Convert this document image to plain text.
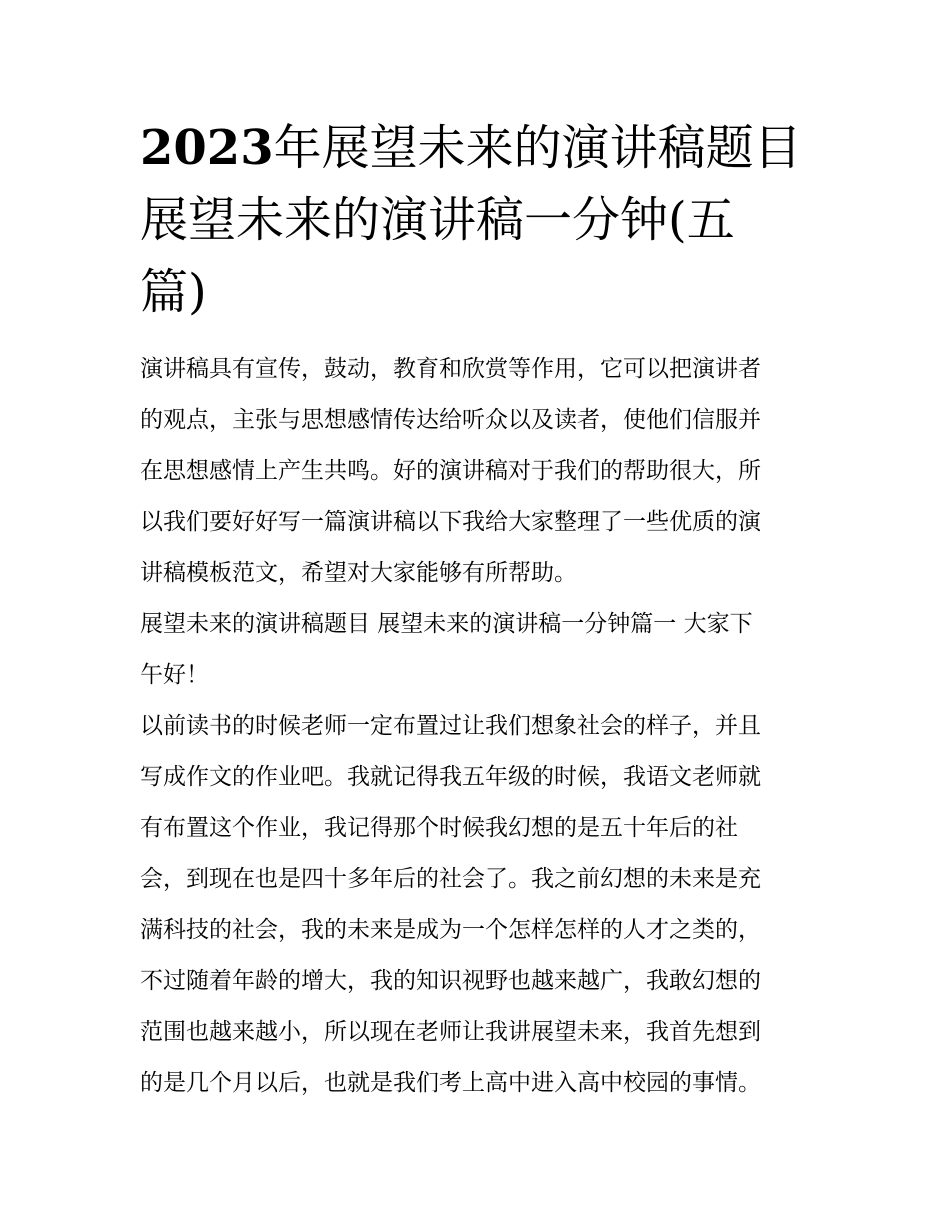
2023年展望未来的演讲稿题目
展望未来的演讲稿一分钟(五
篇)

演讲稿具有宣传，鼓动，教育和欣赏等作用，它可以把演讲者
的观点，主张与思想感情传达给听众以及读者，使他们信服并
在思想感情上产生共鸣。好的演讲稿对于我们的帮助很大，所
以我们要好好写一篇演讲稿以下我给大家整理了一些优质的演
讲稿模板范文，希望对大家能够有所帮助。

展望未来的演讲稿题目 展望未来的演讲稿一分钟篇一 大家下
午好！

以前读书的时候老师一定布置过让我们想象社会的样子，并且
写成作文的作业吧。我就记得我五年级的时候，我语文老师就
有布置这个作业，我记得那个时候我幻想的是五十年后的社
会，到现在也是四十多年后的社会了。我之前幻想的未来是充
满科技的社会，我的未来是成为一个怎样怎样的人才之类的，
不过随着年龄的增大，我的知识视野也越来越广，我敢幻想的
范围也越来越小，所以现在老师让我讲展望未来，我首先想到
的是几个月以后，也就是我们考上高中进入高中校园的事情。
